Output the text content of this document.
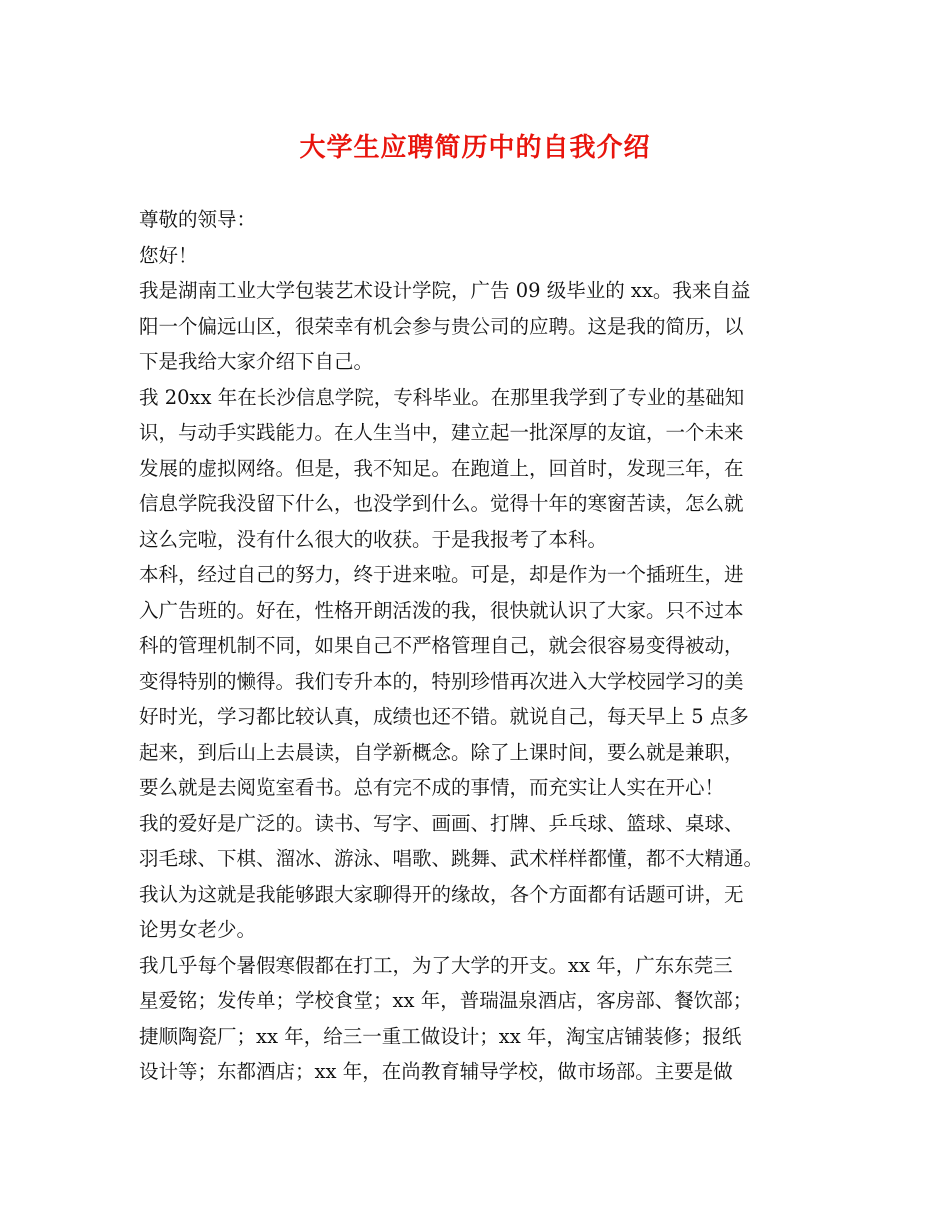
大学生应聘简历中的自我介绍
尊敬的领导：
您好！
我是湖南工业大学包装艺术设计学院，广告 09 级毕业的 xx。我来自益
阳一个偏远山区，很荣幸有机会参与贵公司的应聘。这是我的简历，以
下是我给大家介绍下自己。
我 20xx 年在长沙信息学院，专科毕业。在那里我学到了专业的基础知
识，与动手实践能力。在人生当中，建立起一批深厚的友谊，一个未来
发展的虚拟网络。但是，我不知足。在跑道上，回首时，发现三年，在
信息学院我没留下什么，也没学到什么。觉得十年的寒窗苦读，怎么就
这么完啦，没有什么很大的收获。于是我报考了本科。
本科，经过自己的努力，终于进来啦。可是，却是作为一个插班生，进
入广告班的。好在，性格开朗活泼的我，很快就认识了大家。只不过本
科的管理机制不同，如果自己不严格管理自己，就会很容易变得被动，
变得特别的懒得。我们专升本的，特别珍惜再次进入大学校园学习的美
好时光，学习都比较认真，成绩也还不错。就说自己，每天早上 5 点多
起来，到后山上去晨读，自学新概念。除了上课时间，要么就是兼职，
要么就是去阅览室看书。总有完不成的事情，而充实让人实在开心！
我的爱好是广泛的。读书、写字、画画、打牌、乒乓球、篮球、桌球、
羽毛球、下棋、溜冰、游泳、唱歌、跳舞、武术样样都懂，都不大精通。
我认为这就是我能够跟大家聊得开的缘故，各个方面都有话题可讲，无
论男女老少。
我几乎每个暑假寒假都在打工，为了大学的开支。xx 年，广东东莞三
星爱铭；发传单；学校食堂；xx 年，普瑞温泉酒店，客房部、餐饮部；
捷顺陶瓷厂；xx 年，给三一重工做设计；xx 年，淘宝店铺装修；报纸
设计等；东都酒店；xx 年，在尚教育辅导学校，做市场部。主要是做
